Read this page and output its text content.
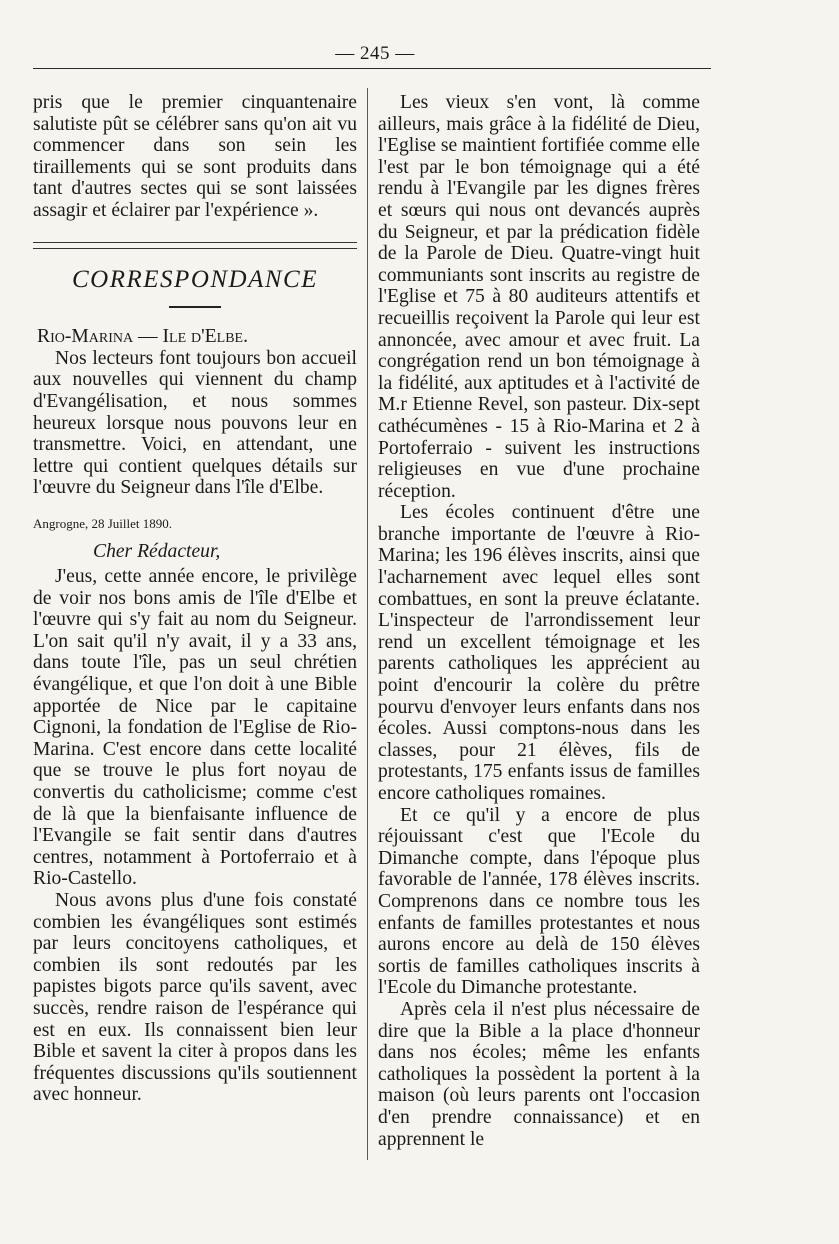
— 245 —

pris que le premier cinquantenaire salutiste pût se célébrer sans qu'on ait vu commencer dans son sein les tiraillements qui se sont produits dans tant d'autres sectes qui se sont laissées assagir et éclairer par l'expérience ».

CORRESPONDANCE
Rio-Marina — Ile d'Elbe.

Nos lecteurs font toujours bon accueil aux nouvelles qui viennent du champ d'Evangélisation, et nous sommes heureux lorsque nous pouvons leur en transmettre. Voici, en attendant, une lettre qui contient quelques détails sur l'œuvre du Seigneur dans l'île d'Elbe.

Angrogne, 28 Juillet 1890.

Cher Rédacteur,

J'eus, cette année encore, le privilège de voir nos bons amis de l'île d'Elbe et l'œuvre qui s'y fait au nom du Seigneur. L'on sait qu'il n'y avait, il y a 33 ans, dans toute l'île, pas un seul chrétien évangélique, et que l'on doit à une Bible apportée de Nice par le capitaine Cignoni, la fondation de l'Eglise de Rio-Marina. C'est encore dans cette localité que se trouve le plus fort noyau de convertis du catholicisme; comme c'est de là que la bienfaisante influence de l'Evangile se fait sentir dans d'autres centres, notamment à Portoferraio et à Rio-Castello.

Nous avons plus d'une fois constaté combien les évangéliques sont estimés par leurs concitoyens catholiques, et combien ils sont redoutés par les papistes bigots parce qu'ils savent, avec succès, rendre raison de l'espérance qui est en eux. Ils connaissent bien leur Bible et savent la citer à propos dans les fréquentes discussions qu'ils soutiennent avec honneur.

Les vieux s'en vont, là comme ailleurs, mais grâce à la fidélité de Dieu, l'Eglise se maintient fortifiée comme elle l'est par le bon témoignage qui a été rendu à l'Evangile par les dignes frères et sœurs qui nous ont devancés auprès du Seigneur, et par la prédication fidèle de la Parole de Dieu. Quatre-vingt huit communiants sont inscrits au registre de l'Eglise et 75 à 80 auditeurs attentifs et recueillis reçoivent la Parole qui leur est annoncée, avec amour et avec fruit. La congrégation rend un bon témoignage à la fidélité, aux aptitudes et à l'activité de M.r Etienne Revel, son pasteur. Dix-sept cathécumènes - 15 à Rio-Marina et 2 à Portoferraio - suivent les instructions religieuses en vue d'une prochaine réception.

Les écoles continuent d'être une branche importante de l'œuvre à Rio-Marina; les 196 élèves inscrits, ainsi que l'acharnement avec lequel elles sont combattues, en sont la preuve éclatante. L'inspecteur de l'arrondissement leur rend un excellent témoignage et les parents catholiques les apprécient au point d'encourir la colère du prêtre pourvu d'envoyer leurs enfants dans nos écoles. Aussi comptons-nous dans les classes, pour 21 élèves, fils de protestants, 175 enfants issus de familles encore catholiques romaines.

Et ce qu'il y a encore de plus réjouissant c'est que l'Ecole du Dimanche compte, dans l'époque plus favorable de l'année, 178 élèves inscrits. Comprenons dans ce nombre tous les enfants de familles protestantes et nous aurons encore au delà de 150 élèves sortis de familles catholiques inscrits à l'Ecole du Dimanche protestante.

Après cela il n'est plus nécessaire de dire que la Bible a la place d'honneur dans nos écoles; même les enfants catholiques la possèdent la portent à la maison (où leurs parents ont l'occasion d'en prendre connaissance) et en apprennent le
